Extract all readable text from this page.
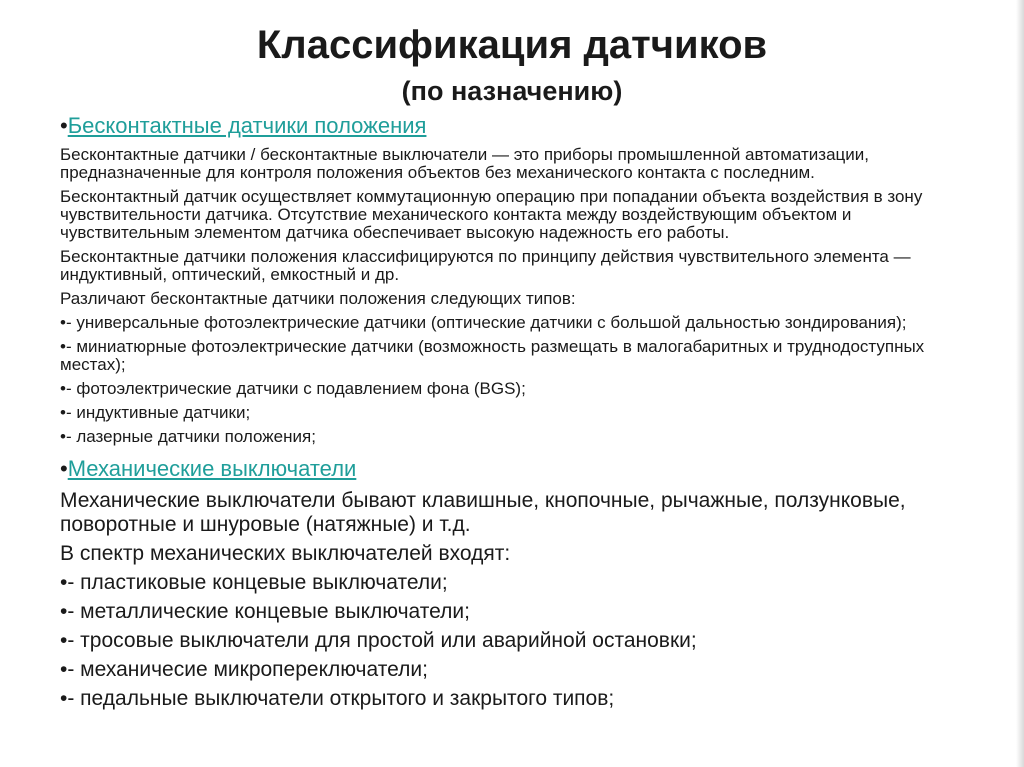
Классификация датчиков
(по назначению)
•Бесконтактные датчики положения
Бесконтактные датчики / бесконтактные выключатели — это приборы промышленной автоматизации, предназначенные для контроля положения объектов без механического контакта с последним.
Бесконтактный датчик осуществляет коммутационную операцию при попадании объекта воздействия в зону чувствительности датчика. Отсутствие механического контакта между воздействующим объектом и чувствительным элементом датчика обеспечивает высокую надежность его работы.
Бесконтактные датчики положения классифицируются по принципу действия чувствительного элемента — индуктивный, оптический, емкостный и др.
Различают бесконтактные датчики положения следующих типов:
•- универсальные фотоэлектрические датчики (оптические датчики с большой дальностью зондирования);
•- миниатюрные фотоэлектрические датчики (возможность размещать в малогабаритных и труднодоступных местах);
•- фотоэлектрические датчики с подавлением фона (BGS);
•- индуктивные датчики;
•- лазерные датчики положения;
•Механические выключатели
Механические выключатели бывают клавишные, кнопочные, рычажные, ползунковые, поворотные и шнуровые (натяжные) и т.д.
В спектр механических выключателей входят:
•- пластиковые концевые выключатели;
•- металлические концевые выключатели;
•- тросовые выключатели для простой или аварийной остановки;
•- механичесие микропереключатели;
•- педальные выключатели открытого и закрытого типов;
